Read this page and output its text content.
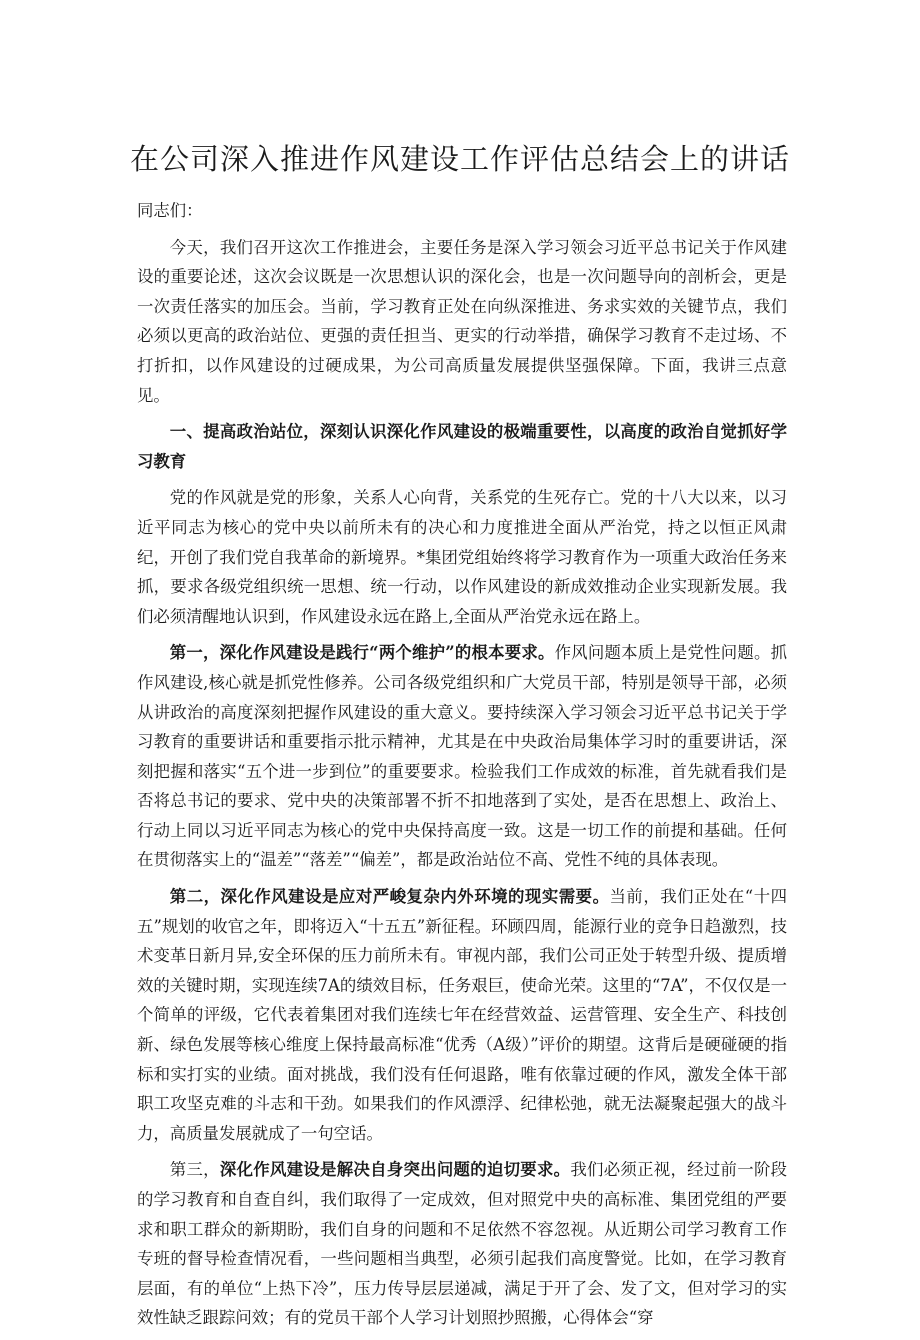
在公司深入推进作风建设工作评估总结会上的讲话

同志们：

今天，我们召开这次工作推进会，主要任务是深入学习领会习近平总书记关于作风建设的重要论述，这次会议既是一次思想认识的深化会，也是一次问题导向的剖析会，更是一次责任落实的加压会。当前，学习教育正处在向纵深推进、务求实效的关键节点，我们必须以更高的政治站位、更强的责任担当、更实的行动举措，确保学习教育不走过场、不打折扣，以作风建设的过硬成果，为公司高质量发展提供坚强保障。下面，我讲三点意见。

一、提高政治站位，深刻认识深化作风建设的极端重要性，以高度的政治自觉抓好学习教育

党的作风就是党的形象，关系人心向背，关系党的生死存亡。党的十八大以来，以习近平同志为核心的党中央以前所未有的决心和力度推进全面从严治党，持之以恒正风肃纪，开创了我们党自我革命的新境界。*集团党组始终将学习教育作为一项重大政治任务来抓，要求各级党组织统一思想、统一行动，以作风建设的新成效推动企业实现新发展。我们必须清醒地认识到，作风建设永远在路上,全面从严治党永远在路上。

第一，深化作风建设是践行“两个维护”的根本要求。作风问题本质上是党性问题。抓作风建设,核心就是抓党性修养。公司各级党组织和广大党员干部，特别是领导干部，必须从讲政治的高度深刻把握作风建设的重大意义。要持续深入学习领会习近平总书记关于学习教育的重要讲话和重要指示批示精神，尤其是在中央政治局集体学习时的重要讲话，深刻把握和落实“五个进一步到位”的重要要求。检验我们工作成效的标准，首先就看我们是否将总书记的要求、党中央的决策部署不折不扣地落到了实处，是否在思想上、政治上、行动上同以习近平同志为核心的党中央保持高度一致。这是一切工作的前提和基础。任何在贯彻落实上的“温差”“落差”“偏差”，都是政治站位不高、党性不纯的具体表现。

第二，深化作风建设是应对严峻复杂内外环境的现实需要。当前，我们正处在“十四五”规划的收官之年，即将迈入“十五五”新征程。环顾四周，能源行业的竞争日趋激烈，技术变革日新月异,安全环保的压力前所未有。审视内部，我们公司正处于转型升级、提质增效的关键时期，实现连续7A的绩效目标，任务艰巨，使命光荣。这里的“7A”，不仅仅是一个简单的评级，它代表着集团对我们连续七年在经营效益、运营管理、安全生产、科技创新、绿色发展等核心维度上保持最高标准“优秀（A级）”评价的期望。这背后是硬碰硬的指标和实打实的业绩。面对挑战，我们没有任何退路，唯有依靠过硬的作风，激发全体干部职工攻坚克难的斗志和干劲。如果我们的作风漂浮、纪律松弛，就无法凝聚起强大的战斗力，高质量发展就成了一句空话。

第三，深化作风建设是解决自身突出问题的迫切要求。我们必须正视，经过前一阶段的学习教育和自查自纠，我们取得了一定成效，但对照党中央的高标准、集团党组的严要求和职工群众的新期盼，我们自身的问题和不足依然不容忽视。从近期公司学习教育工作专班的督导检查情况看，一些问题相当典型，必须引起我们高度警觉。比如，在学习教育层面，有的单位“上热下冷”，压力传导层层递减，满足于开了会、发了文，但对学习的实效性缺乏跟踪问效；有的党员干部个人学习计划照抄照搬，心得体会“穿
